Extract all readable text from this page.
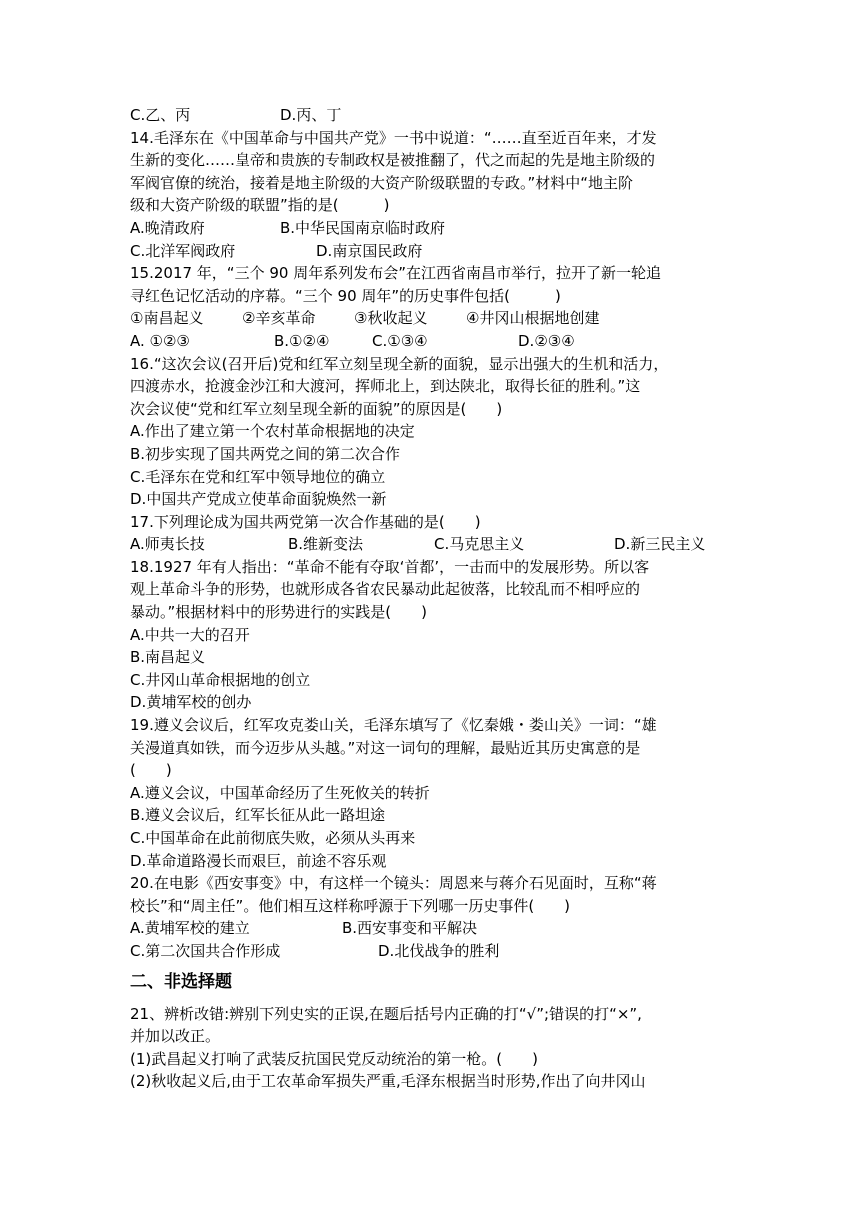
C.乙、丙	D.丙、丁
14.毛泽东在《中国革命与中国共产党》一书中说道：“……直至近百年来，才发
生新的变化……皇帝和贵族的专制政权是被推翻了，代之而起的先是地主阶级的
军阀官僚的统治，接着是地主阶级的大资产阶级联盟的专政。”材料中“地主阶
级和大资产阶级的联盟”指的是(　　　)
A.晚清政府	B.中华民国南京临时政府
C.北洋军阀政府	D.南京国民政府
15.2017 年，“三个 90 周年系列发布会”在江西省南昌市举行，拉开了新一轮追
寻红色记忆活动的序幕。“三个 90 周年”的历史事件包括(　　　)
①南昌起义	②辛亥革命	③秋收起义	④井冈山根据地创建
A. ①②③	B.①②④	C.①③④	D.②③④
16.“这次会议(召开后)党和红军立刻呈现全新的面貌，显示出强大的生机和活力，
四渡赤水，抢渡金沙江和大渡河，挥师北上，到达陕北，取得长征的胜利。”这
次会议使“党和红军立刻呈现全新的面貌”的原因是(　　)
A.作出了建立第一个农村革命根据地的决定
B.初步实现了国共两党之间的第二次合作
C.毛泽东在党和红军中领导地位的确立
D.中国共产党成立使革命面貌焕然一新
17.下列理论成为国共两党第一次合作基础的是(　　)
A.师夷长技	B.维新变法	C.马克思主义	D.新三民主义
18.1927 年有人指出：“革命不能有夺取‘首都’，一击而中的发展形势。所以客
观上革命斗争的形势，也就形成各省农民暴动此起彼落，比较乱而不相呼应的
暴动。”根据材料中的形势进行的实践是(　　)
A.中共一大的召开
B.南昌起义
C.井冈山革命根据地的创立
D.黄埔军校的创办
19.遵义会议后，红军攻克娄山关，毛泽东填写了《忆秦娥・娄山关》一词：“雄
关漫道真如铁，而今迈步从头越。”对这一词句的理解，最贴近其历史寓意的是
(　　)
A.遵义会议，中国革命经历了生死攸关的转折
B.遵义会议后，红军长征从此一路坦途
C.中国革命在此前彻底失败，必须从头再来
D.革命道路漫长而艰巨，前途不容乐观
20.在电影《西安事变》中，有这样一个镜头：周恩来与蒋介石见面时，互称“蒋
校长”和“周主任”。他们相互这样称呼源于下列哪一历史事件(　　)
A.黄埔军校的建立	B.西安事变和平解决
C.第二次国共合作形成	D.北伐战争的胜利
二、非选择题
21、辨析改错:辨别下列史实的正误,在题后括号内正确的打“√”;错误的打“×”,
并加以改正。
(1)武昌起义打响了武装反抗国民党反动统治的第一枪。(　　)
(2)秋收起义后,由于工农革命军损失严重,毛泽东根据当时形势,作出了向井冈山
